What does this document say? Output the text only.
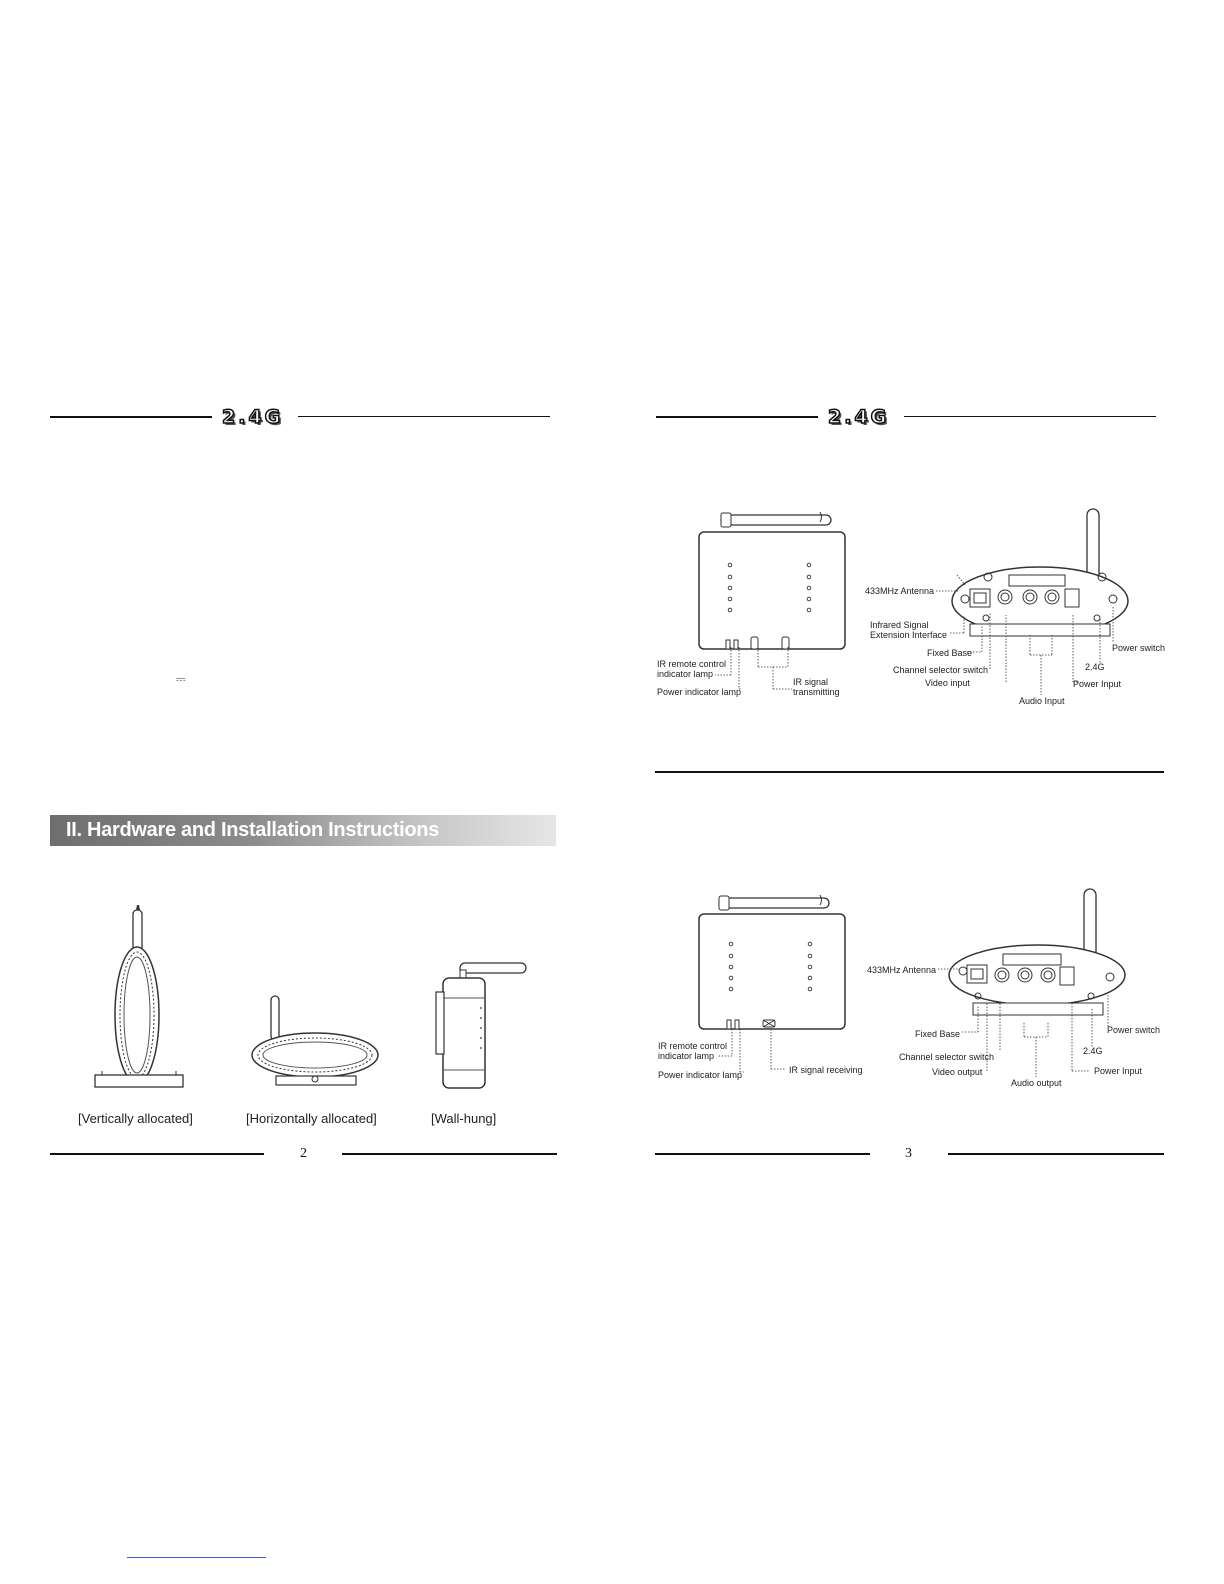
2.4G
⎓
II. Hardware and Installation Instructions
[Vertically allocated]	[Horizontally allocated]	[Wall-hung]
2
2.4G
IR remote control
indicator lamp
Power indicator lamp
IR signal
transmitting
433MHz Antenna
Infrared Signal
Extension Interface
Fixed Base
Channel selector switch
Video input
Audio Input
Power switch
2.4G
Power Input
IR remote control
indicator lamp
Power indicator lamp	IR signal receiving
433MHz Antenna
Fixed Base
Channel selector switch
Video output
Audio output
Power switch
2.4G
Power Input
3
